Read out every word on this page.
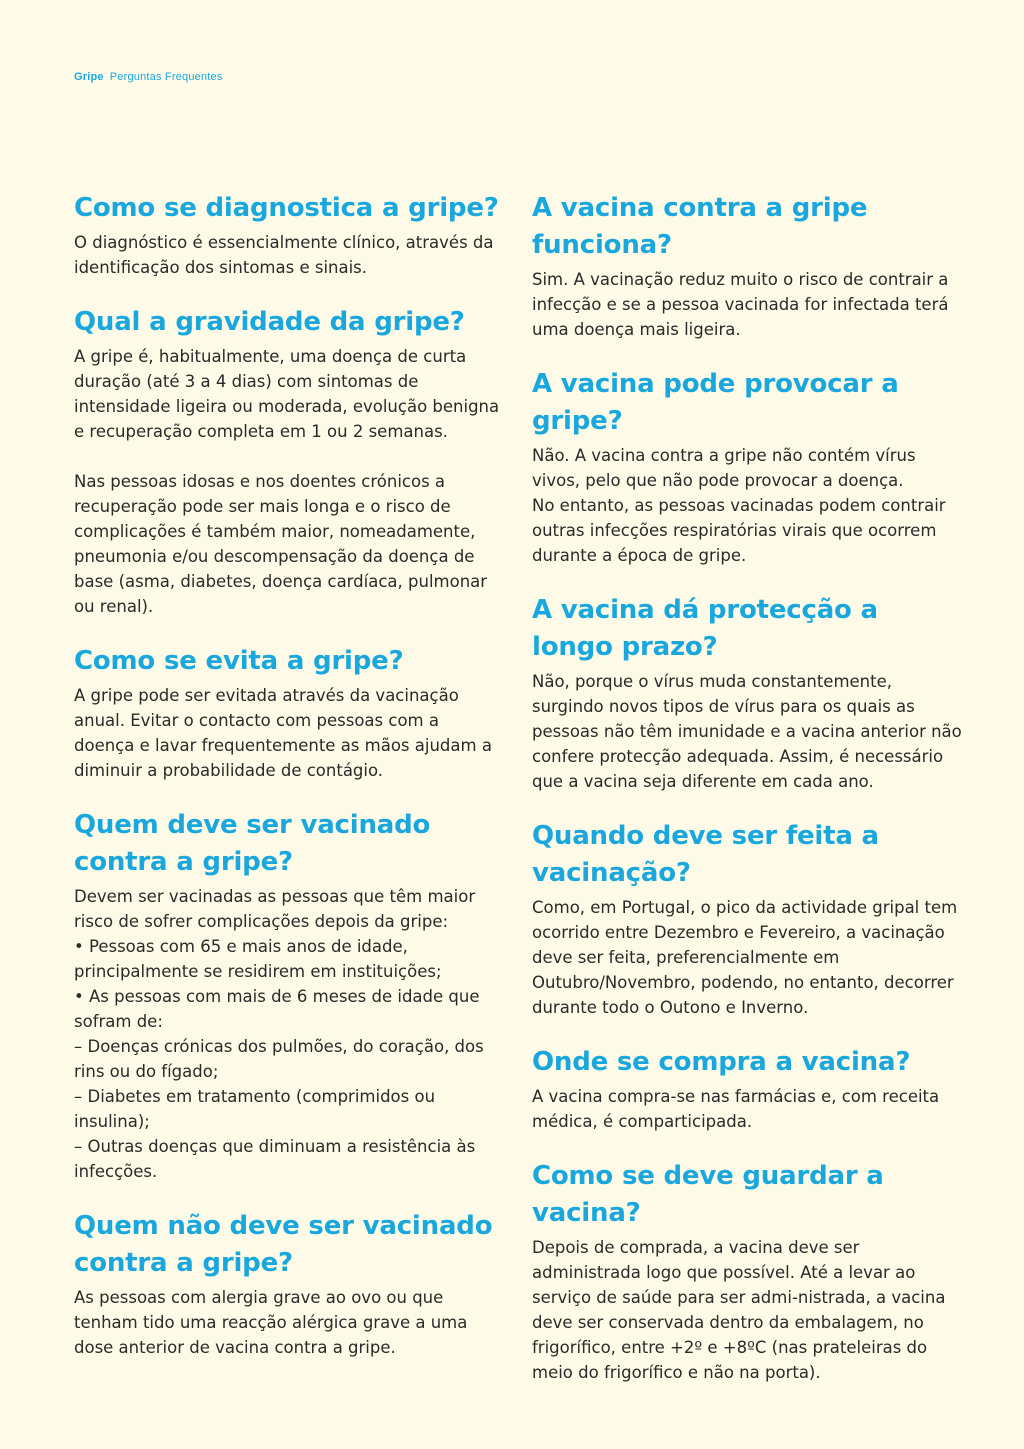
Gripe Perguntas Frequentes
Como se diagnostica a gripe?

O diagnóstico é essencialmente clínico, através da identificação dos sintomas e sinais.

Qual a gravidade da gripe?

A gripe é, habitualmente, uma doença de curta duração (até 3 a 4 dias) com sintomas de intensidade ligeira ou moderada, evolução benigna e recuperação completa em 1 ou 2 semanas.

Nas pessoas idosas e nos doentes crónicos a recuperação pode ser mais longa e o risco de complicações é também maior, nomeadamente, pneumonia e/ou descompensação da doença de base (asma, diabetes, doença cardíaca, pulmonar ou renal).

Como se evita a gripe?

A gripe pode ser evitada através da vacinação anual. Evitar o contacto com pessoas com a doença e lavar frequentemente as mãos ajudam a diminuir a probabilidade de contágio.

Quem deve ser vacinado contra a gripe?

Devem ser vacinadas as pessoas que têm maior risco de sofrer complicações depois da gripe:

• Pessoas com 65 e mais anos de idade, principalmente se residirem em instituições;

• As pessoas com mais de 6 meses de idade que sofram de:

– Doenças crónicas dos pulmões, do coração, dos rins ou do fígado;

– Diabetes em tratamento (comprimidos ou insulina);

– Outras doenças que diminuam a resistência às infecções.

Quem não deve ser vacinado contra a gripe?

As pessoas com alergia grave ao ovo ou que tenham tido uma reacção alérgica grave a uma dose anterior de vacina contra a gripe.

A vacina contra a gripe funciona?

Sim. A vacinação reduz muito o risco de contrair a infecção e se a pessoa vacinada for infectada terá uma doença mais ligeira.

A vacina pode provocar a gripe?

Não. A vacina contra a gripe não contém vírus vivos, pelo que não pode provocar a doença.

No entanto, as pessoas vacinadas podem contrair outras infecções respiratórias virais que ocorrem durante a época de gripe.

A vacina dá protecção a longo prazo?

Não, porque o vírus muda constantemente, surgindo novos tipos de vírus para os quais as pessoas não têm imunidade e a vacina anterior não confere protecção adequada. Assim, é necessário que a vacina seja diferente em cada ano.

Quando deve ser feita a vacinação?

Como, em Portugal, o pico da actividade gripal tem ocorrido entre Dezembro e Fevereiro, a vacinação deve ser feita, preferencialmente em Outubro/Novembro, podendo, no entanto, decorrer durante todo o Outono e Inverno.

Onde se compra a vacina?

A vacina compra-se nas farmácias e, com receita médica, é comparticipada.

Como se deve guardar a vacina?

Depois de comprada, a vacina deve ser administrada logo que possível. Até a levar ao serviço de saúde para ser admi-nistrada, a vacina deve ser conservada dentro da embalagem, no frigorífico, entre +2º e +8ºC (nas prateleiras do meio do frigorífico e não na porta).
